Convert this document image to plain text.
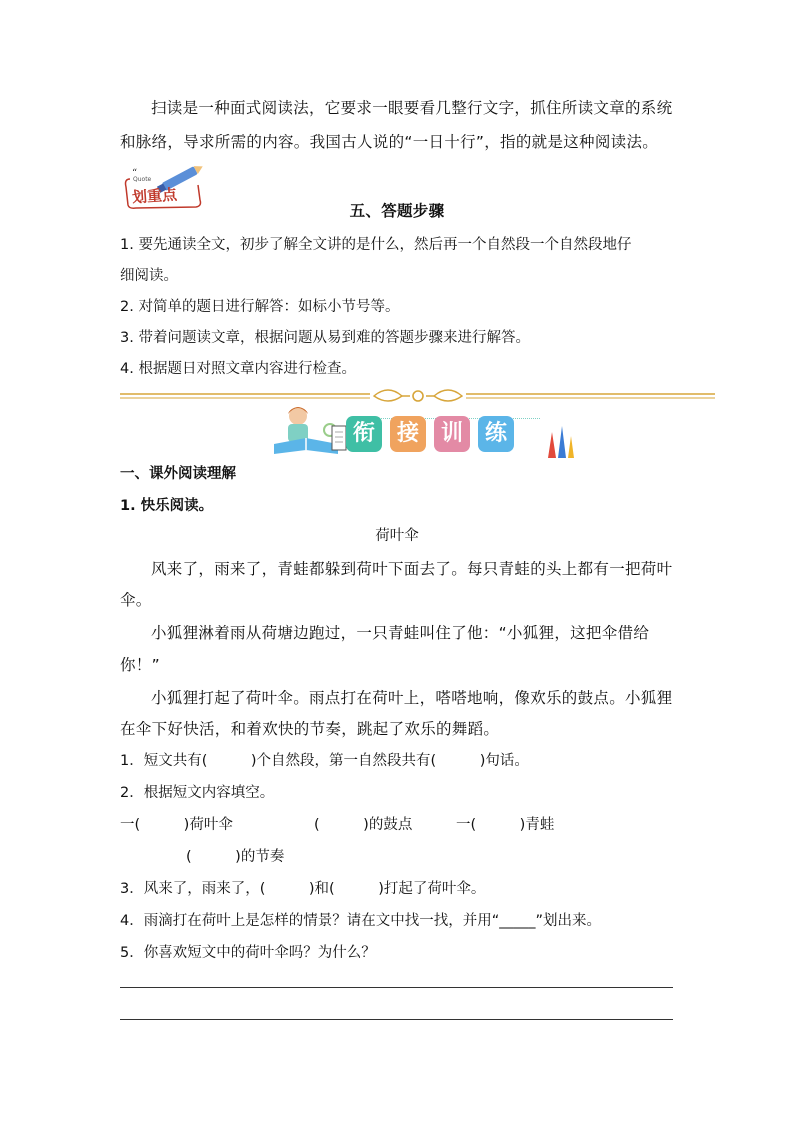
扫读是一种面式阅读法，它要求一眼要看几整行文字，抓住所读文章的系统
和脉络，导求所需的内容。我国古人说的“一日十行”，指的就是这种阅读法。
“
Quote
划重点
五、答题步骤
1. 要先通读全文，初步了解全文讲的是什么，然后再一个自然段一个自然段地仔
细阅读。
2. 对简单的题日进行解答：如标小节号等。
3. 带着问题读文章，根据问题从易到难的答题步骤来进行解答。
4. 根据题日对照文章内容进行检查。
衔 接 训 练
一、课外阅读理解
1. 快乐阅读。
荷叶伞
风来了，雨来了，青蛙都躲到荷叶下面去了。每只青蛙的头上都有一把荷叶
伞。
小狐狸淋着雨从荷塘边跑过，一只青蛙叫住了他：“小狐狸，这把伞借给
你！”
小狐狸打起了荷叶伞。雨点打在荷叶上，嗒嗒地响，像欢乐的鼓点。小狐狸
在伞下好快活，和着欢快的节奏，跳起了欢乐的舞蹈。
1．短文共有(　　　)个自然段，第一自然段共有(　　　)句话。
2．根据短文内容填空。
一(　　　)荷叶伞	(　　　)的鼓点	一(　　　)青蛙
(　　　)的节奏
3．风来了，雨来了，(　　　)和(　　　)打起了荷叶伞。
4．雨滴打在荷叶上是怎样的情景？请在文中找一找，并用“_____”划出来。
5．你喜欢短文中的荷叶伞吗？为什么？
